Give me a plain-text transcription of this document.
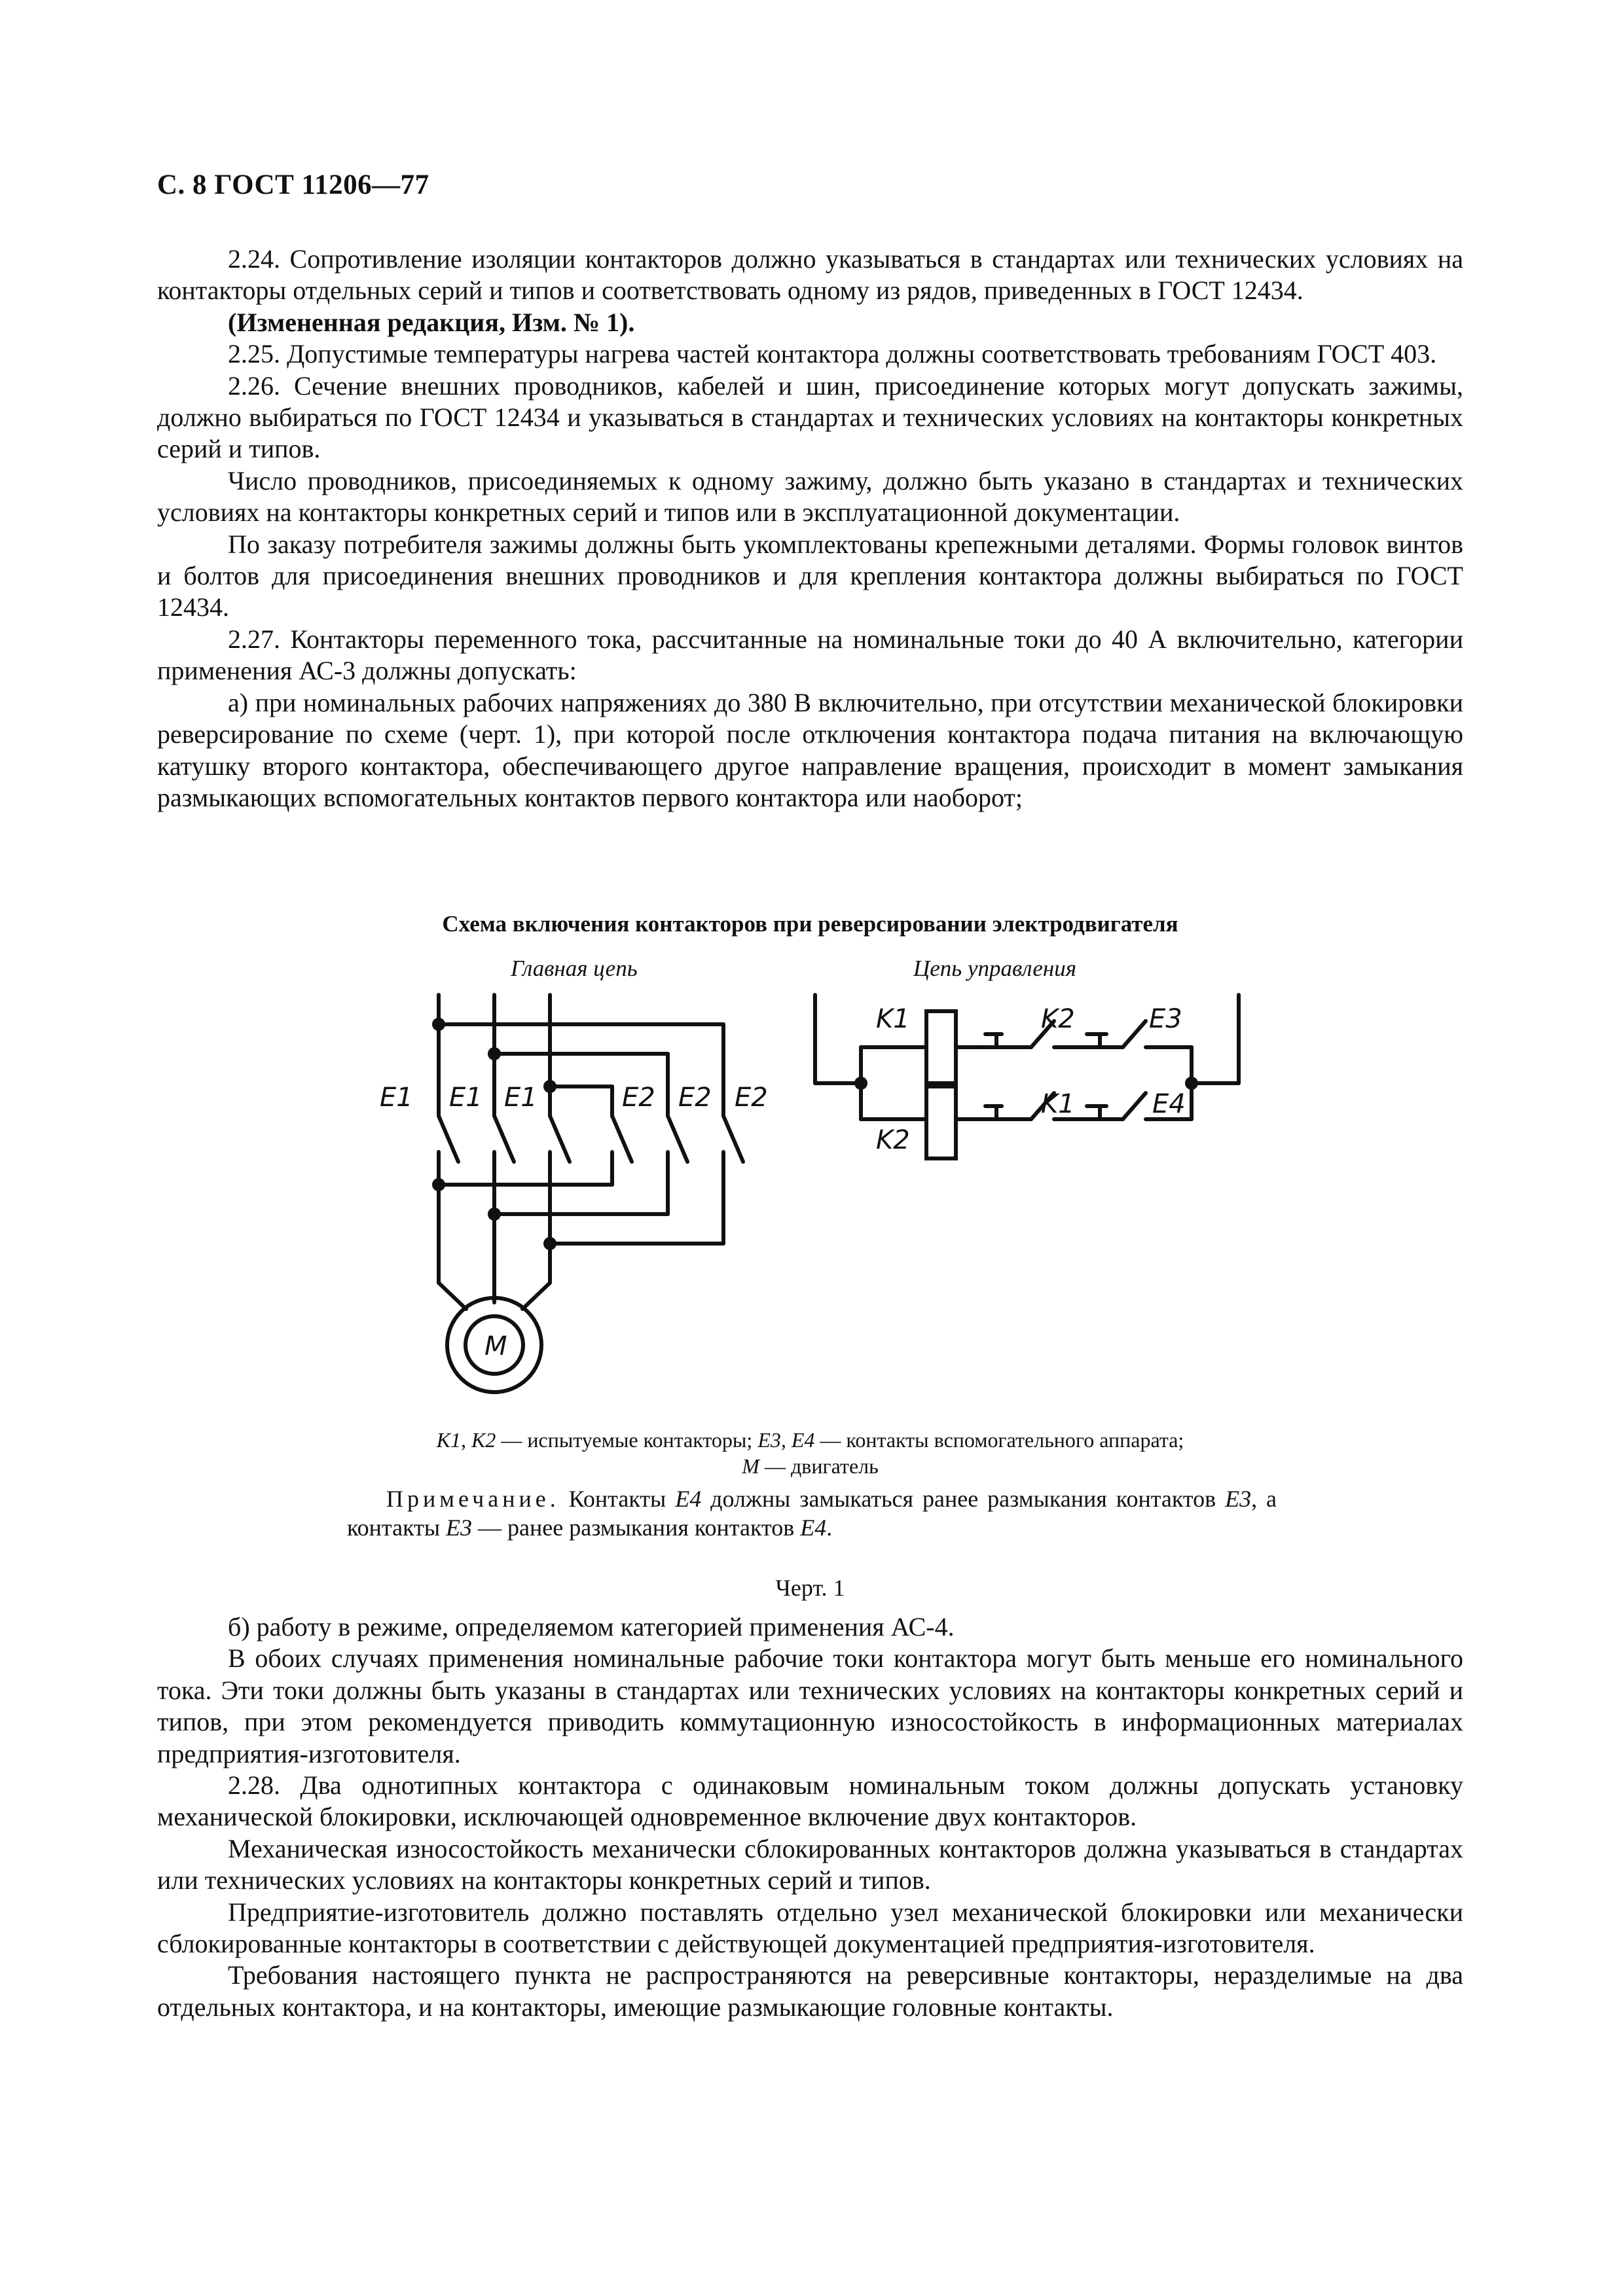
С. 8 ГОСТ 11206—77

2.24. Сопротивление изоляции контакторов должно указываться в стандартах или технических условиях на контакторы отдельных серий и типов и соответствовать одному из рядов, приведенных в ГОСТ 12434.

(Измененная редакция, Изм. № 1).

2.25. Допустимые температуры нагрева частей контактора должны соответствовать требованиям ГОСТ 403.

2.26. Сечение внешних проводников, кабелей и шин, присоединение которых могут допускать зажимы, должно выбираться по ГОСТ 12434 и указываться в стандартах и технических условиях на контакторы конкретных серий и типов.

Число проводников, присоединяемых к одному зажиму, должно быть указано в стандартах и технических условиях на контакторы конкретных серий и типов или в эксплуатационной документации.

По заказу потребителя зажимы должны быть укомплектованы крепежными деталями. Формы головок винтов и болтов для присоединения внешних проводников и для крепления контактора должны выбираться по ГОСТ 12434.

2.27. Контакторы переменного тока, рассчитанные на номинальные токи до 40 А включительно, категории применения АС-3 должны допускать:

а) при номинальных рабочих напряжениях до 380 В включительно, при отсутствии механической блокировки реверсирование по схеме (черт. 1), при которой после отключения контактора подача питания на включающую катушку второго контактора, обеспечивающего другое направление вращения, происходит в момент замыкания размыкающих вспомогательных контактов первого контактора или наоборот;

Схема включения контакторов при реверсировании электродвигателя
Главная цепь	Цепь управления
E1 E1 E1	E2 E2 E2
M
K1	K2	E3
K1	E4
K2
K1, K2 — испытуемые контакторы; E3, E4 — контакты вспомогательного аппарата;
M — двигатель

Примечание. Контакты E4 должны замыкаться ранее размыкания контактов E3, а контакты E3 — ранее размыкания контактов E4.

Черт. 1

б) работу в режиме, определяемом категорией применения АС-4.

В обоих случаях применения номинальные рабочие токи контактора могут быть меньше его номинального тока. Эти токи должны быть указаны в стандартах или технических условиях на контакторы конкретных серий и типов, при этом рекомендуется приводить коммутационную износостойкость в информационных материалах предприятия-изготовителя.

2.28. Два однотипных контактора с одинаковым номинальным током должны допускать установку механической блокировки, исключающей одновременное включение двух контакторов.

Механическая износостойкость механически сблокированных контакторов должна указываться в стандартах или технических условиях на контакторы конкретных серий и типов.

Предприятие-изготовитель должно поставлять отдельно узел механической блокировки или механически сблокированные контакторы в соответствии с действующей документацией предприятия-изготовителя.

Требования настоящего пункта не распространяются на реверсивные контакторы, неразделимые на два отдельных контактора, и на контакторы, имеющие размыкающие головные контакты.
